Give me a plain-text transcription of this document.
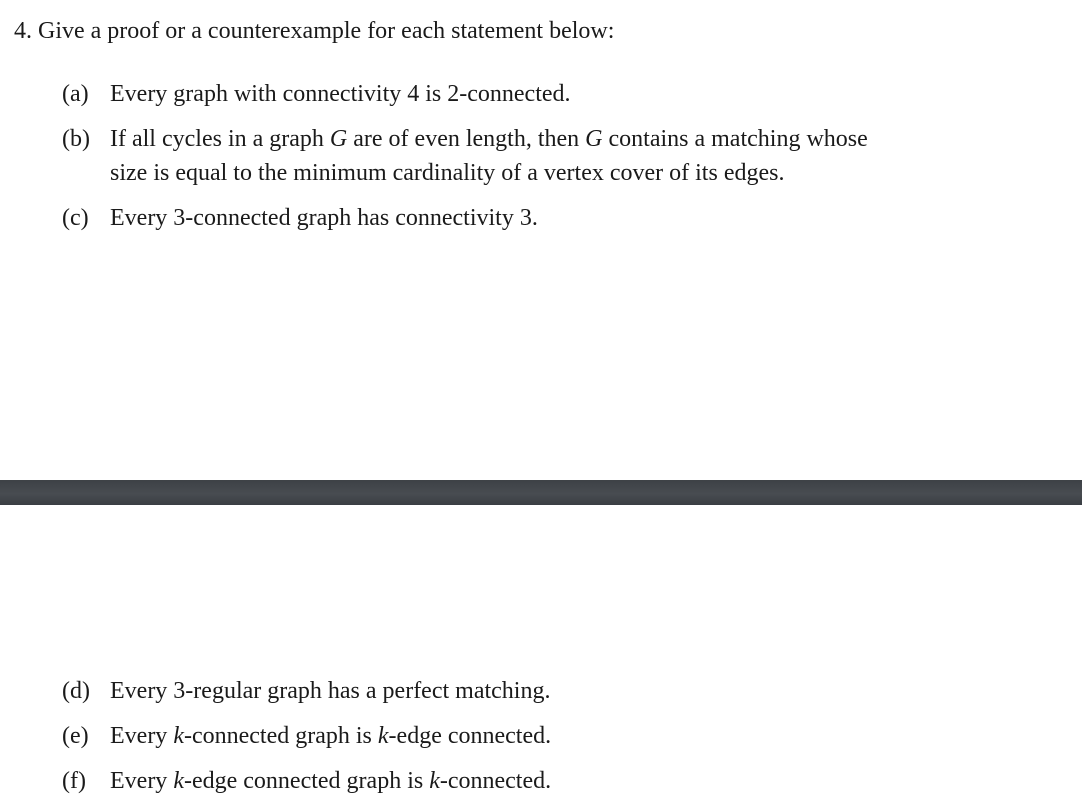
4. Give a proof or a counterexample for each statement below:
(a) Every graph with connectivity 4 is 2-connected.
(b) If all cycles in a graph G are of even length, then G contains a matching whose
size is equal to the minimum cardinality of a vertex cover of its edges.
(c) Every 3-connected graph has connectivity 3.
(d) Every 3-regular graph has a perfect matching.
(e) Every k-connected graph is k-edge connected.
(f) Every k-edge connected graph is k-connected.
